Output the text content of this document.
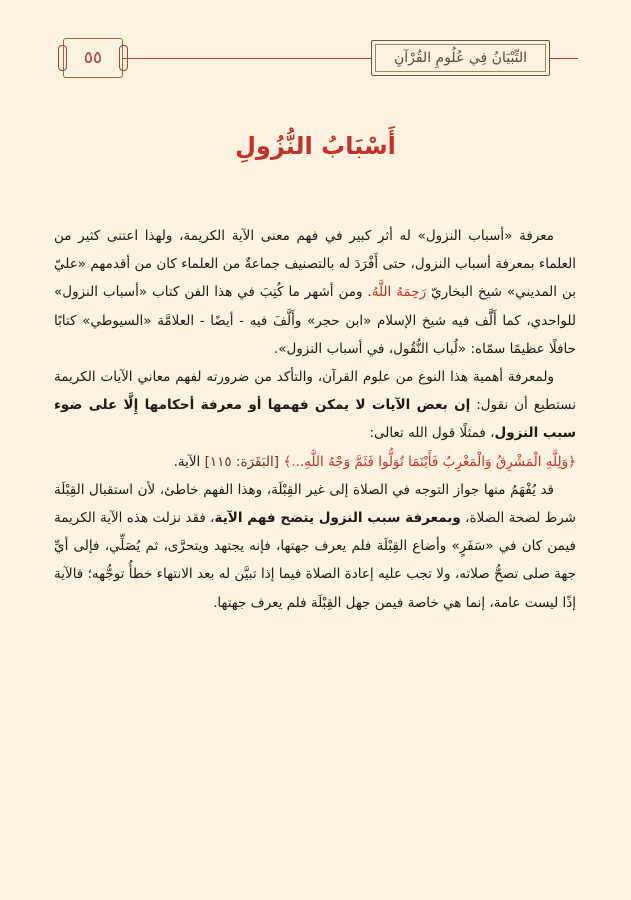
٥٥	التِّبْيَانُ فِي عُلُومِ القُرْآنِ
أَسْبَابُ النُّزُولِ

معرفة «أسباب النزول» له أثر كبير في فهم معنى الآية الكريمة، ولهذا اعتنى كثير من العلماء بمعرفة أسباب النزول، حتى أَفْرَدَ له بالتصنيف جماعةٌ من العلماء كان من أقدمهم «عليّ بن المديني» شيخ البخاريّ رَحِمَهُ اللَّهُ. ومن أشهر ما كُتِبَ في هذا الفن كتاب «أسباب النزول» للواحدي، كما أَلَّف فيه شيخ الإسلام «ابن حجر» وأَلَّفَ فيه - أيضًا - العلامَّة «السيوطي» كتابًا حافلًا عظيمًا سمّاه: «لُباب النُّقُول، في أسباب النزول».

ولمعرفة أهمية هذا النوع من علوم القرآن، والتأكد من ضرورته لفهم معاني الآيات الكريمة نستطيع أن نقول: إن بعض الآيات لا يمكن فهمها أو معرفة أحكامها إِلَّا على ضوء سبب النزول، فمثلًا قول الله تعالى:

﴿وَلِلَّهِ الْمَشْرِقُ وَالْمَغْرِبُ فَأَيْنَمَا تُوَلُّوا فَثَمَّ وَجْهُ اللَّهِ...﴾ [البَقَرَة: ١١٥] الآية.

قد يُفْهَمُ منها جواز التوجه في الصلاة إلى غير القِبْلَة، وهذا الفهم خاطئ، لأن استقبال القِبْلَة شرط لصحة الصلاة، وبمعرفة سبب النزول يتضح فهم الآية، فقد نزلت هذه الآية الكريمة فيمن كان في «سَفَرٍ» وأضاع القِبْلَة فلم يعرف جهتها، فإنه يجتهد ويتحرَّى، ثم يُصَلِّي، فإلى أيِّ جهة صلى تصحُّ صلاته، ولا تجب عليه إعادة الصلاة فيما إذا تبيَّن له بعد الانتهاء خطأُ توجُّهه؛ فالآية إذًا ليست عامة، إنما هي خاصة فيمن جهل القِبْلَة فلم يعرف جهتها.
